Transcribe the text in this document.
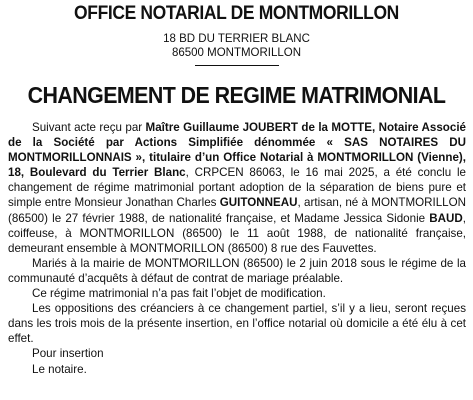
OFFICE NOTARIAL DE MONTMORILLON
18 BD DU TERRIER BLANC
86500 MONTMORILLON
CHANGEMENT DE REGIME MATRIMONIAL

Suivant acte reçu par Maître Guillaume JOUBERT de la MOTTE, Notaire Associé de la Société par Actions Simplifiée dénommée « SAS NOTAIRES DU MONTMORILLONNAIS », titulaire d’un Office Notarial à MONTMORILLON (Vienne), 18, Boulevard du Terrier Blanc, CRPCEN 86063, le 16 mai 2025, a été conclu le changement de régime matrimonial portant adoption de la séparation de biens pure et simple entre Monsieur Jonathan Charles GUITONNEAU, artisan, né à MONTMORILLON (86500) le 27 février 1988, de nationalité française, et Madame Jessica Sidonie BAUD, coiffeuse, à MONTMORILLON (86500) le 11 août 1988, de nationalité française, demeurant ensemble à MONTMORILLON (86500) 8 rue des Fauvettes.

Mariés à la mairie de MONTMORILLON (86500) le 2 juin 2018 sous le régime de la communauté d’acquêts à défaut de contrat de mariage préalable.

Ce régime matrimonial n’a pas fait l’objet de modification.

Les oppositions des créanciers à ce changement partiel, s’il y a lieu, seront reçues dans les trois mois de la présente insertion, en l’office notarial où domicile a été élu à cet effet.

Pour insertion

Le notaire.
